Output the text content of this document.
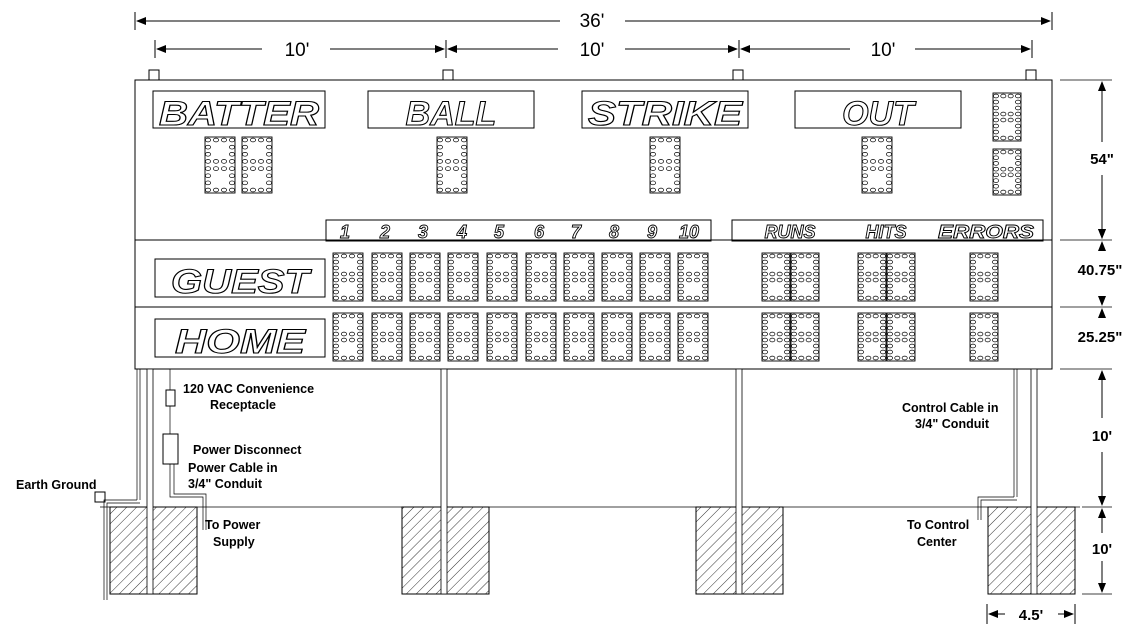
36'
10'	10'	10'
BATTER	BALL	STRIKE	OUT
1 2 3 4 5 6 7 8 9 10	RUNS	HITS ERRORS
GUEST
HOME
54"
40.75"
25.25"
10'
10'
4.5'
120 VAC Convenience
Receptacle
Power Disconnect
Power Cable in
3/4" Conduit
Earth Ground
To Power
Supply
Control Cable in
3/4" Conduit
To Control
Center
